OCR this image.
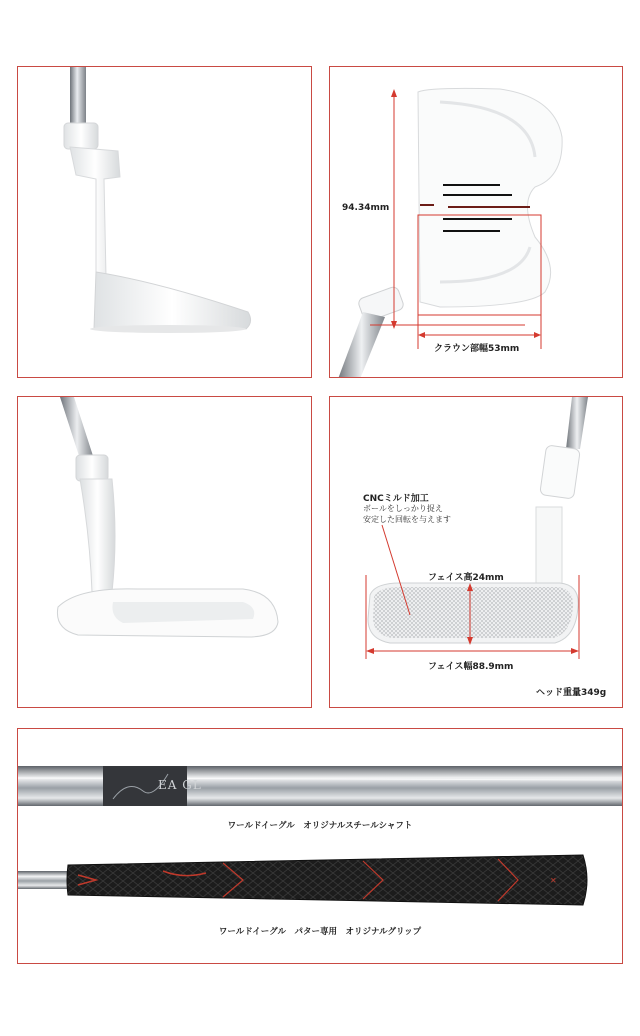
94.34mm
クラウン部幅53mm
CNCミルド加工
ボールをしっかり捉え
安定した回転を与えます
フェイス高24mm
フェイス幅88.9mm
ヘッド重量349g
✕
ワールドイーグル　オリジナルスチールシャフト
ワールドイーグル　パター専用　オリジナルグリップ
EA GL
